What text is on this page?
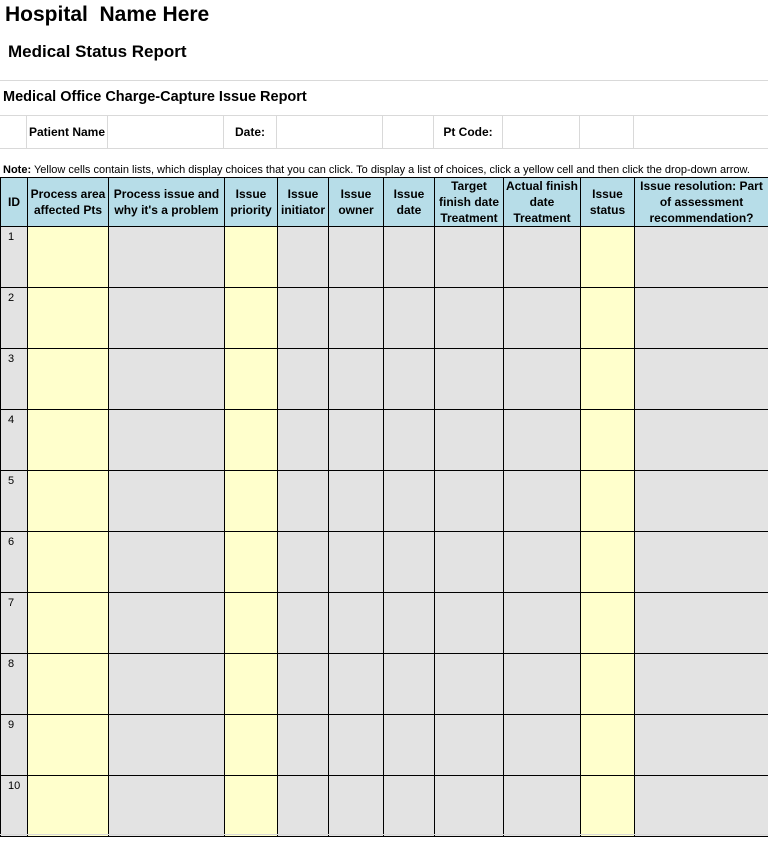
Hospital  Name Here
Medical Status Report
Medical Office Charge-Capture Issue Report
Patient Name	Date:	Pt Code:
Note: Yellow cells contain lists, which display choices that you can click. To display a list of choices, click a yellow cell and then click the drop-down arrow.
ID	Process area affected Pts	Process issue and why it's a problem	Issue priority	Issue initiator	Issue owner	Issue date	Target finish date Treatment	Actual finish date Treatment	Issue status	Issue resolution: Part of assessment recommendation?
1										
2										
3										
4										
5										
6										
7										
8										
9										
10										
